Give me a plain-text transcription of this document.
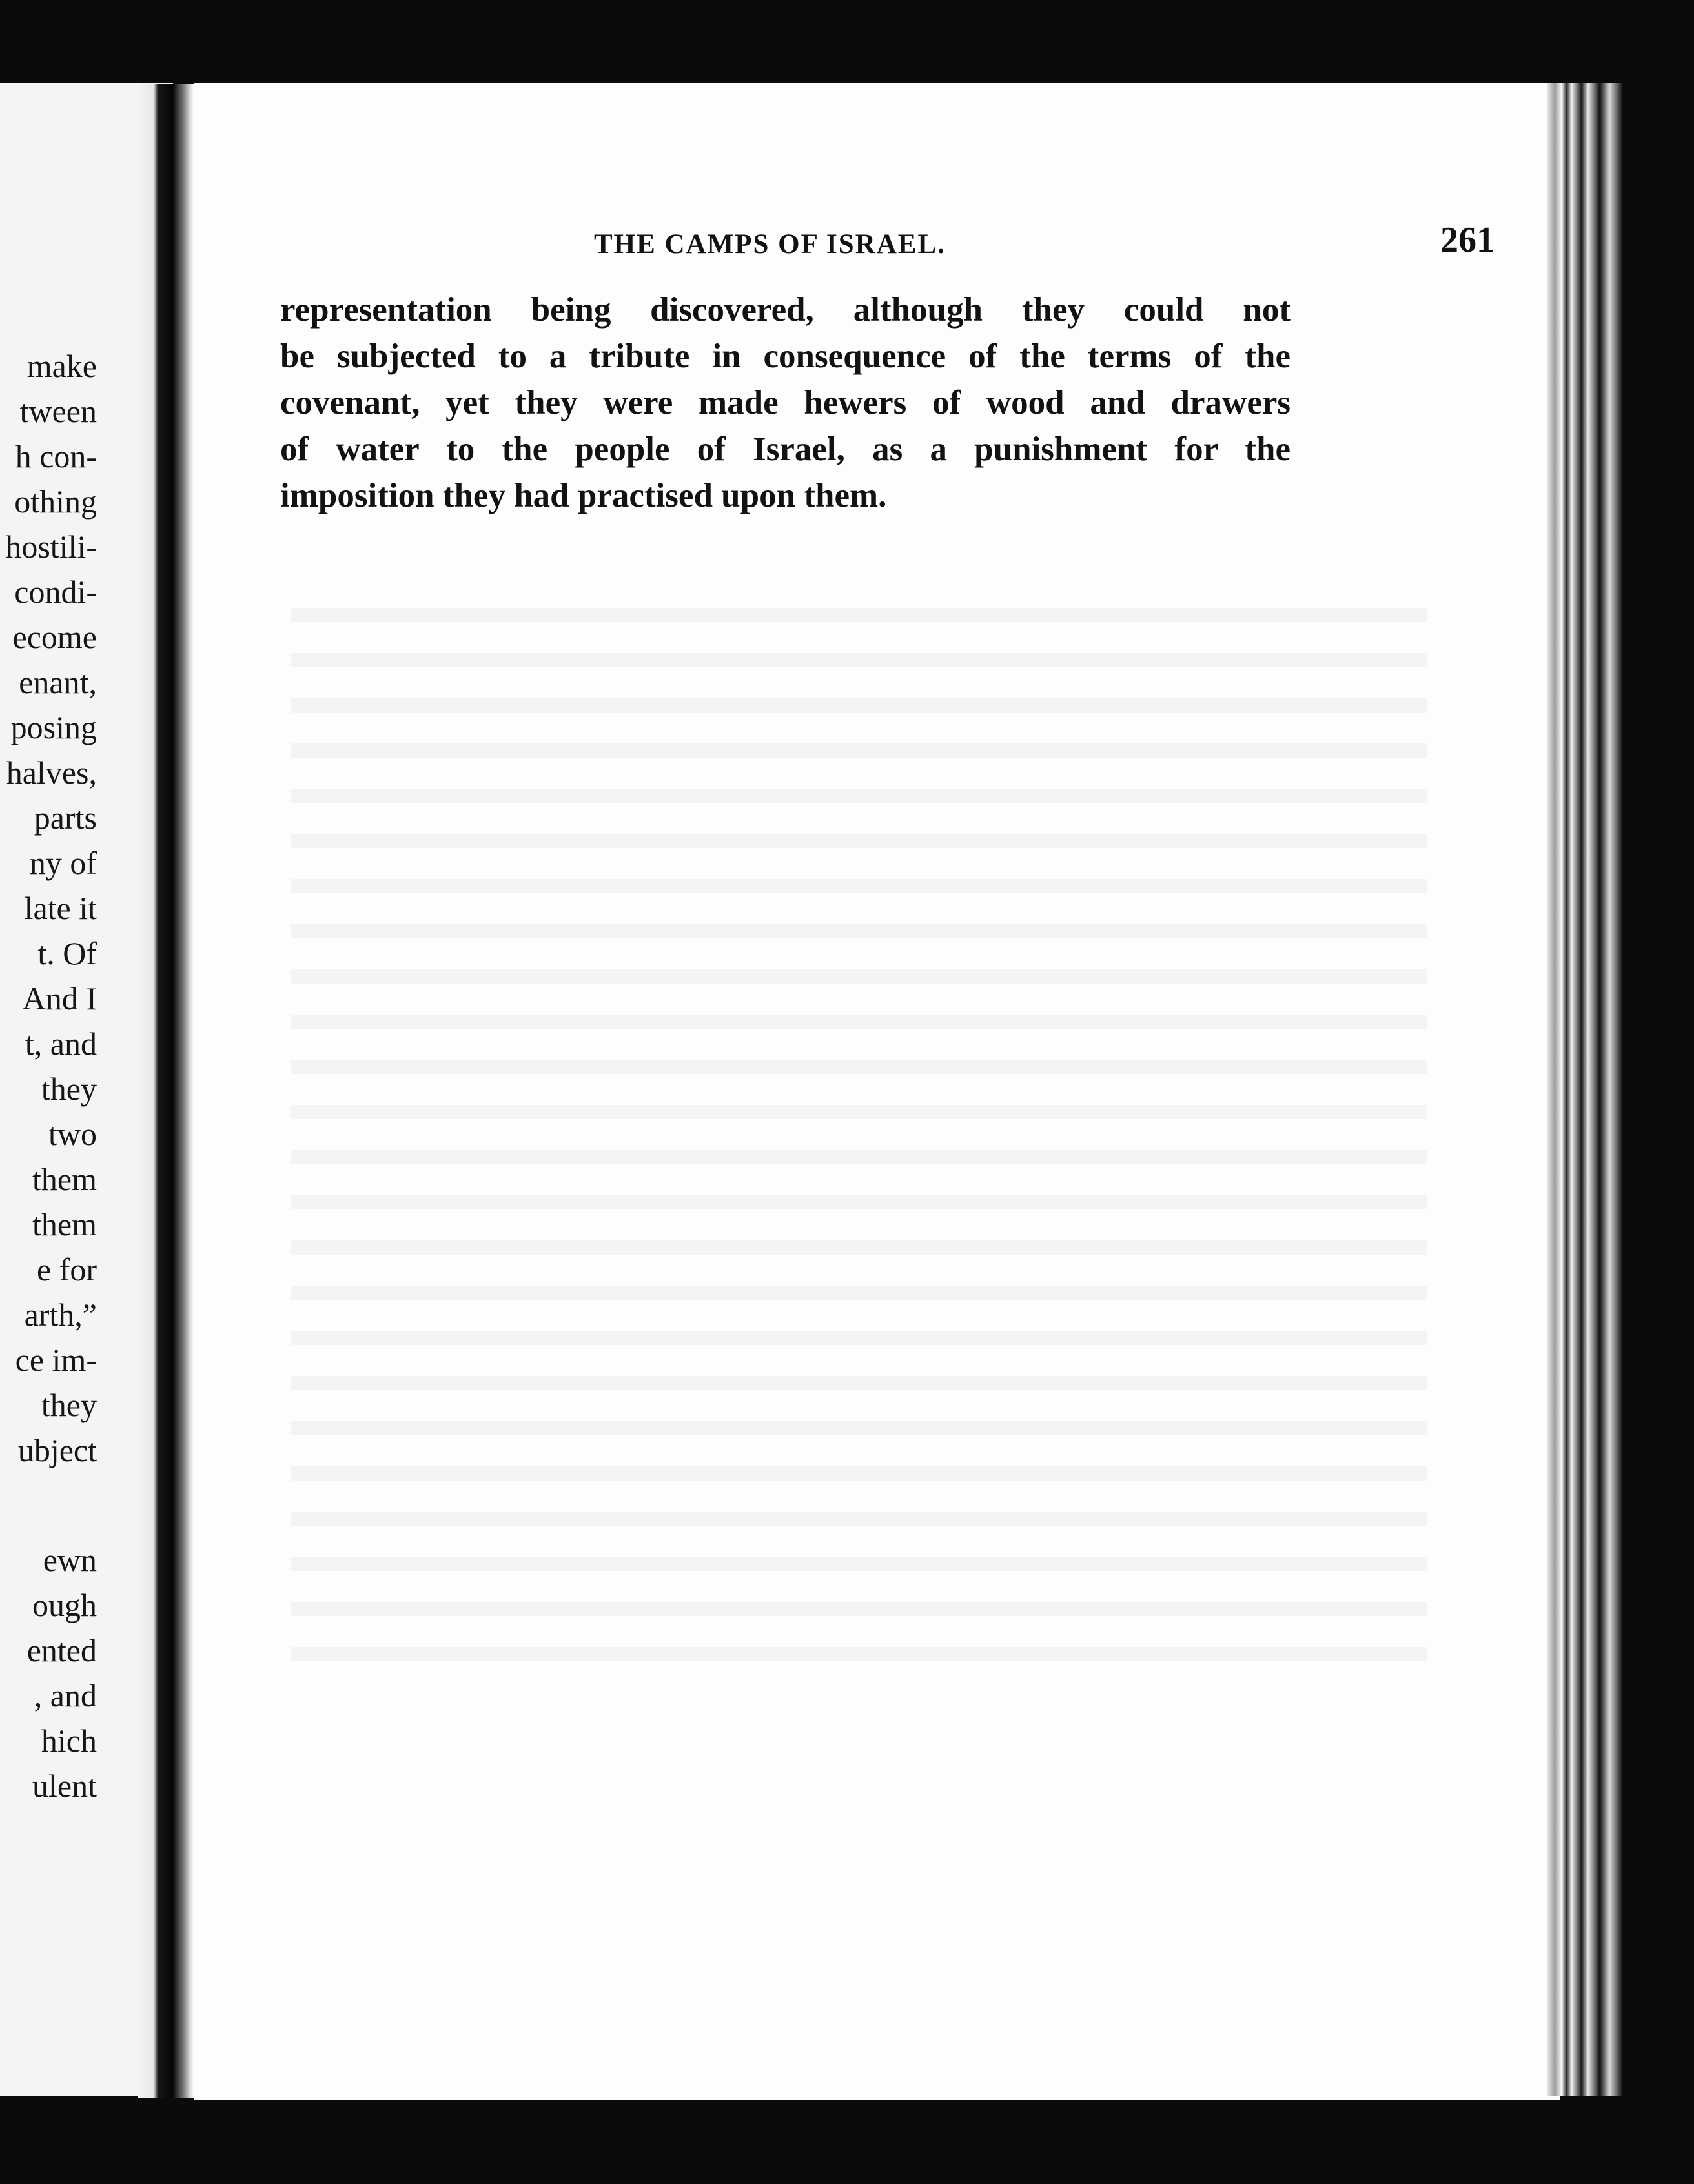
make
tween
h con-
othing
hostili-
condi-
ecome
enant,
posing
halves,
parts
ny of
late it
t. Of
And I
t, and
they
two
them
them
e for
arth,”
ce im-
they
ubject
ewn
ough
ented
, and
hich
ulent
THE CAMPS OF ISRAEL.	261
representation being discovered, although they could not
be subjected to a tribute in consequence of the terms of the
covenant, yet they were made hewers of wood and drawers
of water to the people of Israel, as a punishment for the
imposition they had practised upon them.
